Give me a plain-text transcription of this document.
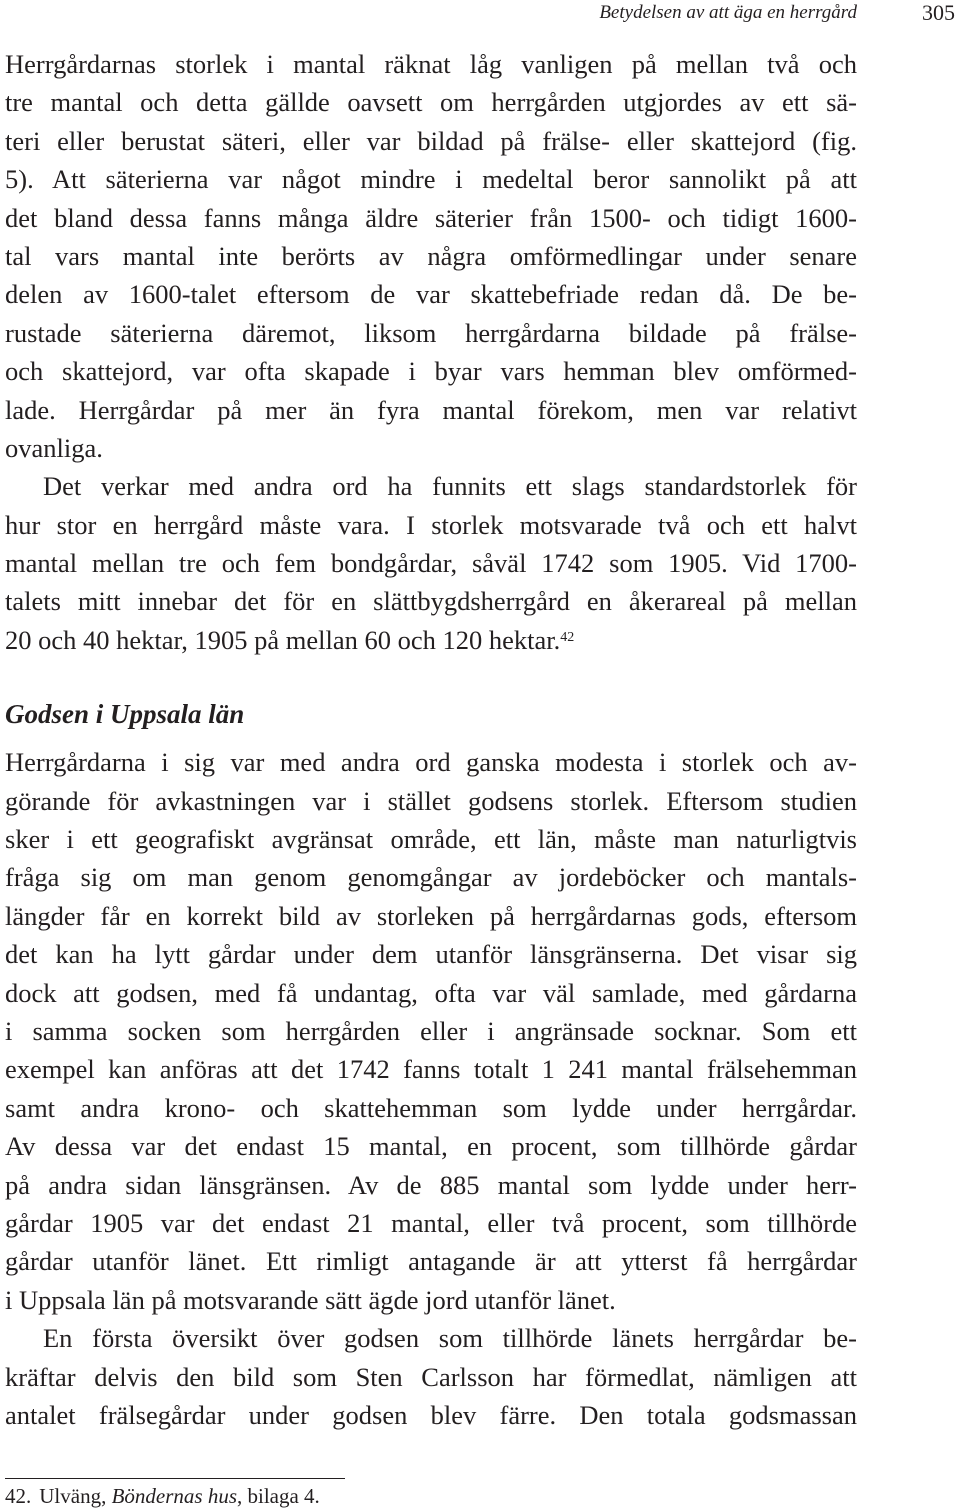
Betydelsen av att äga en herrgård	305
Herrgårdarnas storlek i mantal räknat låg vanligen på mellan två och
tre mantal och detta gällde oavsett om herrgården utgjordes av ett sä-
teri eller berustat säteri, eller var bildad på frälse- eller skattejord (fig.
5). Att säterierna var något mindre i medeltal beror sannolikt på att
det bland dessa fanns många äldre säterier från 1500- och tidigt 1600-
tal vars mantal inte berörts av några omförmedlingar under senare
delen av 1600-talet eftersom de var skattebefriade redan då. De be-
rustade säterierna däremot, liksom herrgårdarna bildade på frälse-
och skattejord, var ofta skapade i byar vars hemman blev omförmed-
lade. Herrgårdar på mer än fyra mantal förekom, men var relativt
ovanliga.
Det verkar med andra ord ha funnits ett slags standardstorlek för
hur stor en herrgård måste vara. I storlek motsvarade två och ett halvt
mantal mellan tre och fem bondgårdar, såväl 1742 som 1905. Vid 1700-
talets mitt innebar det för en slättbygdsherrgård en åkerareal på mellan
20 och 40 hektar, 1905 på mellan 60 och 120 hektar.$^{42}$
Godsen i Uppsala län
Herrgårdarna i sig var med andra ord ganska modesta i storlek och av-
görande för avkastningen var i stället godsens storlek. Eftersom studien
sker i ett geografiskt avgränsat område, ett län, måste man naturligtvis
fråga sig om man genom genomgångar av jordeböcker och mantals-
längder får en korrekt bild av storleken på herrgårdarnas gods, eftersom
det kan ha lytt gårdar under dem utanför länsgränserna. Det visar sig
dock att godsen, med få undantag, ofta var väl samlade, med gårdarna
i samma socken som herrgården eller i angränsade socknar. Som ett
exempel kan anföras att det 1742 fanns totalt 1 241 mantal frälsehemman
samt andra krono- och skattehemman som lydde under herrgårdar.
Av dessa var det endast 15 mantal, en procent, som tillhörde gårdar
på andra sidan länsgränsen. Av de 885 mantal som lydde under herr-
gårdar 1905 var det endast 21 mantal, eller två procent, som tillhörde
gårdar utanför länet. Ett rimligt antagande är att ytterst få herrgårdar
i Uppsala län på motsvarande sätt ägde jord utanför länet.
En första översikt över godsen som tillhörde länets herrgårdar be-
kräftar delvis den bild som Sten Carlsson har förmedlat, nämligen att
antalet frälsegårdar under godsen blev färre. Den totala godsmassan
42. Ulväng, Böndernas hus, bilaga 4.
